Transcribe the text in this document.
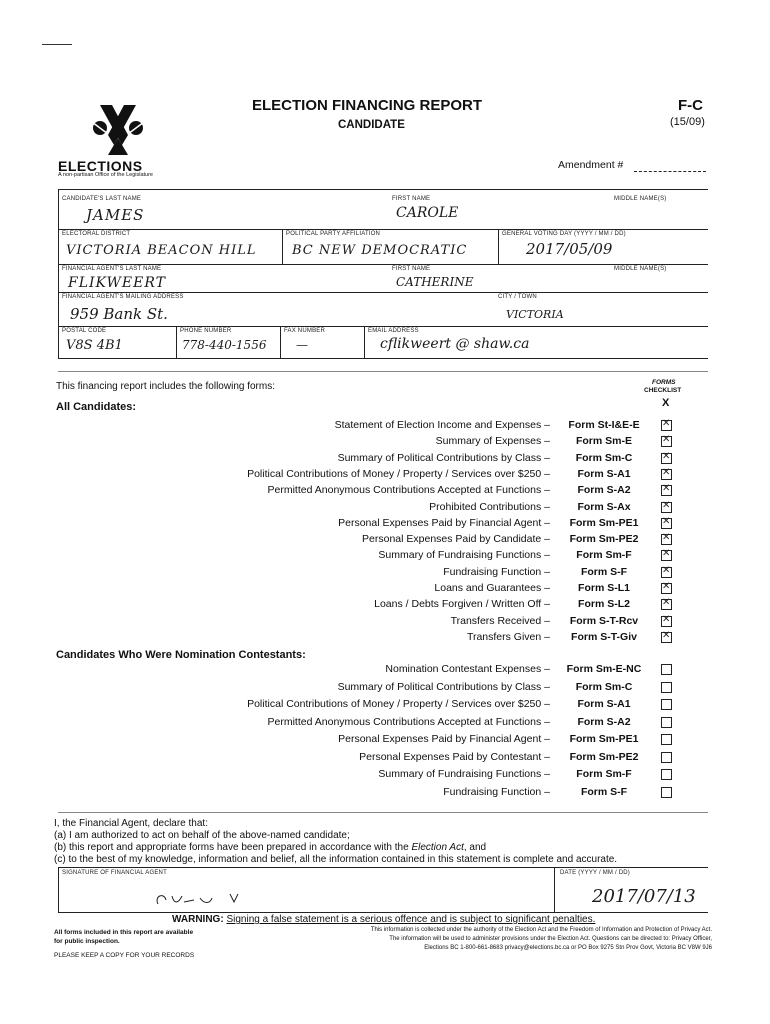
ELECTIONS
A non-partisan Office of the Legislature
ELECTION FINANCING REPORT
CANDIDATE
F-C
(15/09)
Amendment #
CANDIDATE'S LAST NAME
JAMES
FIRST NAME
CAROLE
MIDDLE NAME(S)
ELECTORAL DISTRICT
VICTORIA BEACON HILL
POLITICAL PARTY AFFILIATION
BC NEW DEMOCRATIC
GENERAL VOTING DAY (YYYY / MM / DD)
2017/05/09
FINANCIAL AGENT'S LAST NAME
FLIKWEERT
FIRST NAME
CATHERINE
MIDDLE NAME(S)
FINANCIAL AGENT'S MAILING ADDRESS
959 Bank St.
CITY / TOWN
VICTORIA
POSTAL CODE
V8S 4B1
PHONE NUMBER
778-440-1556
FAX NUMBER
—
EMAIL ADDRESS
cflikweert @ shaw.ca
This financing report includes the following forms:	FORMS
CHECKLIST
X
All Candidates:
Statement of Election Income and Expenses –	Form St-I&E-E
✕
Summary of Expenses –	Form Sm-E
✕
Summary of Political Contributions by Class –	Form Sm-C
✕
Political Contributions of Money / Property / Services over $250 –	Form S-A1
✕
Permitted Anonymous Contributions Accepted at Functions –	Form S-A2
✕
Prohibited Contributions –	Form S-Ax
✕
Personal Expenses Paid by Financial Agent –	Form Sm-PE1
✕
Personal Expenses Paid by Candidate –	Form Sm-PE2
✕
Summary of Fundraising Functions –	Form Sm-F
✕
Fundraising Function –	Form S-F
✕
Loans and Guarantees –	Form S-L1
✕
Loans / Debts Forgiven / Written Off –	Form S-L2
✕
Transfers Received –	Form S-T-Rcv
✕
Transfers Given –	Form S-T-Giv
✕
Candidates Who Were Nomination Contestants:
Nomination Contestant Expenses –	Form Sm-E-NC
Summary of Political Contributions by Class –	Form Sm-C
Political Contributions of Money / Property / Services over $250 –	Form S-A1
Permitted Anonymous Contributions Accepted at Functions –	Form S-A2
Personal Expenses Paid by Financial Agent –	Form Sm-PE1
Personal Expenses Paid by Contestant –	Form Sm-PE2
Summary of Fundraising Functions –	Form Sm-F
Fundraising Function –	Form S-F
I, the Financial Agent, declare that:
(a) I am authorized to act on behalf of the above-named candidate;
(b) this report and appropriate forms have been prepared in accordance with the Election Act, and
(c) to the best of my knowledge, information and belief, all the information contained in this statement is complete and accurate.
SIGNATURE OF FINANCIAL AGENT	DATE (YYYY / MM / DD)
2017/07/13
WARNING: Signing a false statement is a serious offence and is subject to significant penalties.
All forms included in this report are available
for public inspection.
PLEASE KEEP A COPY FOR YOUR RECORDS
This information is collected under the authority of the Election Act and the Freedom of Information and Protection of Privacy Act.
The information will be used to administer provisions under the Election Act. Questions can be directed to: Privacy Officer,
Elections BC 1-800-661-8683 privacy@elections.bc.ca or PO Box 9275 Stn Prov Govt, Victoria BC V8W 9J6
